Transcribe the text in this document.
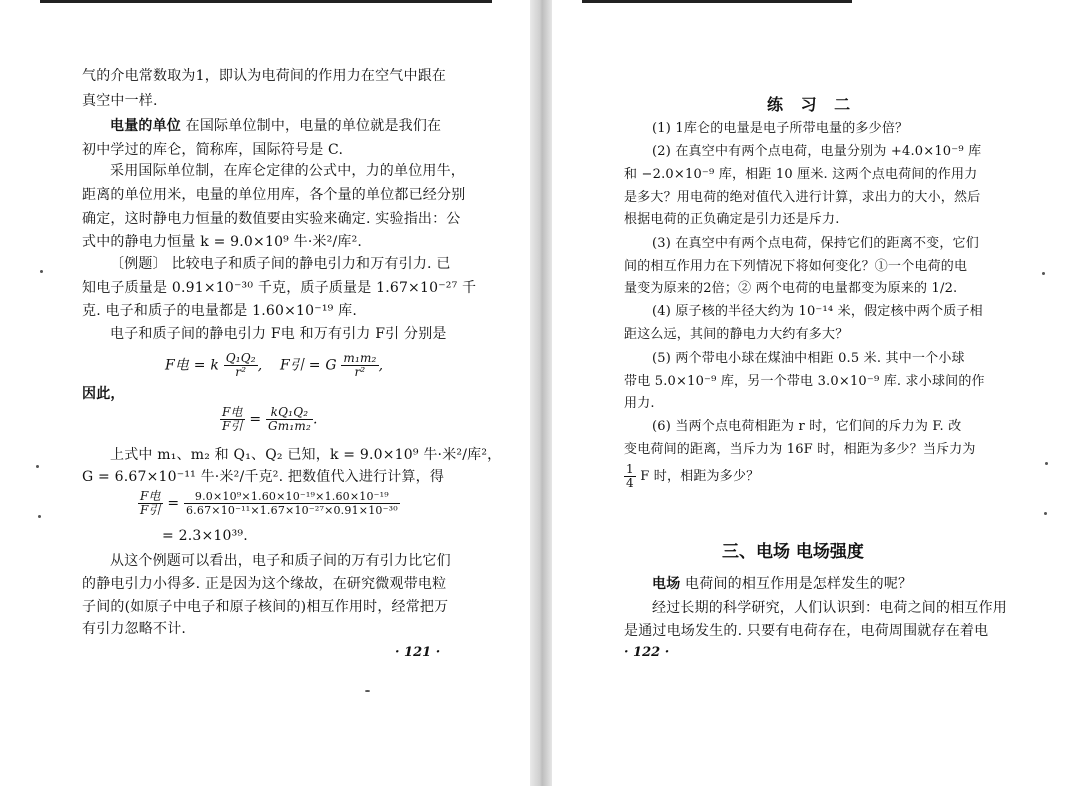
气的介电常数取为1，即认为电荷间的作用力在空气中跟在
真空中一样.
电量的单位 在国际单位制中，电量的单位就是我们在
初中学过的库仑，简称库，国际符号是 C.
采用国际单位制，在库仑定律的公式中，力的单位用牛，
距离的单位用米，电量的单位用库，各个量的单位都已经分别
确定，这时静电力恒量的数值要由实验来确定. 实验指出：公
式中的静电力恒量 k = 9.0×10⁹ 牛·米²/库².
〔例题〕 比较电子和质子间的静电引力和万有引力. 已
知电子质量是 0.91×10⁻³⁰ 千克，质子质量是 1.67×10⁻²⁷ 千
克. 电子和质子的电量都是 1.60×10⁻¹⁹ 库.
电子和质子间的静电引力 F电 和万有引力 F引 分别是
F电 = k $\frac{\text{Q₁Q₂}}{\text{r²}}$ , F引 = G $\frac{\text{m₁m₂}}{\text{r²}}$ ,
因此，
$\frac{\text{F电}}{\text{F引}} = \frac{\text{kQ₁Q₂}}{\text{Gm₁m₂}}$ .
上式中 m₁、m₂ 和 Q₁、Q₂ 已知，k = 9.0×10⁹ 牛·米²/库²，
G = 6.67×10⁻¹¹ 牛·米²/千克². 把数值代入进行计算，得
$\frac{\text{F电}}{\text{F引}} = \frac{\text{9.0×10⁹×1.60×10⁻¹⁹×1.60×10⁻¹⁹}}{\text{6.67×10⁻¹¹×1.67×10⁻²⁷×0.91×10⁻³⁰}}$
= 2.3×10³⁹.
从这个例题可以看出，电子和质子间的万有引力比它们
的静电引力小得多. 正是因为这个缘故，在研究微观带电粒
子间的(如原子中电子和原子核间的)相互作用时，经常把万
有引力忽略不计.
· 121 ·
练 习 二
(1) 1库仑的电量是电子所带电量的多少倍？
(2) 在真空中有两个点电荷，电量分别为 +4.0×10⁻⁹ 库
和 −2.0×10⁻⁹ 库，相距 10 厘米. 这两个点电荷间的作用力
是多大？用电荷的绝对值代入进行计算，求出力的大小，然后
根据电荷的正负确定是引力还是斥力.
(3) 在真空中有两个点电荷，保持它们的距离不变，它们
间的相互作用力在下列情况下将如何变化？①一个电荷的电
量变为原来的2倍；② 两个电荷的电量都变为原来的 1/2.
(4) 原子核的半径大约为 10⁻¹⁴ 米，假定核中两个质子相
距这么远，其间的静电力大约有多大？
(5) 两个带电小球在煤油中相距 0.5 米. 其中一个小球
带电 5.0×10⁻⁹ 库，另一个带电 3.0×10⁻⁹ 库. 求小球间的作
用力.
(6) 当两个点电荷相距为 r 时，它们间的斥力为 F. 改
变电荷间的距离，当斥力为 16F 时，相距为多少？当斥力为
$\frac{1}{4}$ F 时，相距为多少？
三、电场 电场强度
电场 电荷间的相互作用是怎样发生的呢？
经过长期的科学研究，人们认识到：电荷之间的相互作用
是通过电场发生的. 只要有电荷存在，电荷周围就存在着电
· 122 ·
